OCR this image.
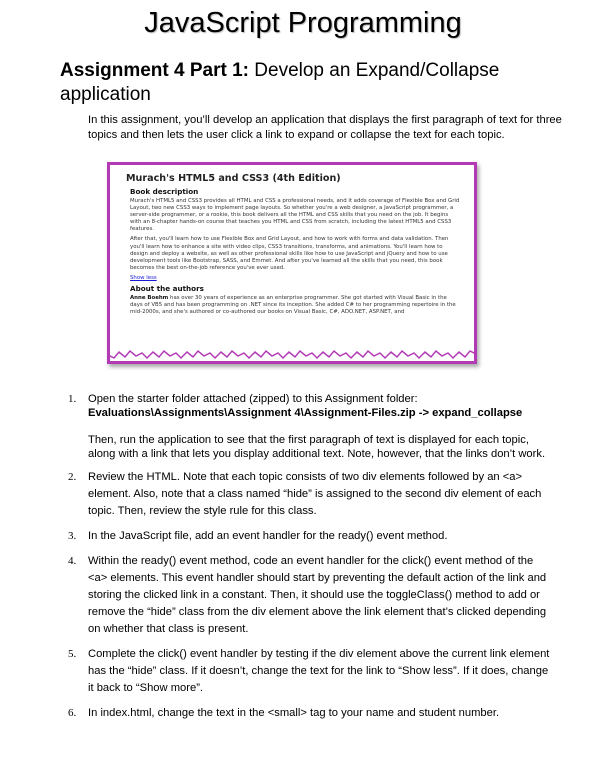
JavaScript Programming
Assignment 4 Part 1: Develop an Expand/Collapse application

In this assignment, you’ll develop an application that displays the first paragraph of text for three topics and then lets the user click a link to expand or collapse the text for each topic.

Murach's HTML5 and CSS3 (4th Edition)
Book description

Murach's HTML5 and CSS3 provides all HTML and CSS a professional needs, and it adds coverage of Flexible Box and Grid Layout, two new CSS3 ways to implement page layouts. So whether you're a web designer, a JavaScript programmer, a server-side programmer, or a rookie, this book delivers all the HTML and CSS skills that you need on the job. It begins with an 8-chapter hands-on course that teaches you HTML and CSS from scratch, including the latest HTML5 and CSS3 features.

After that, you'll learn how to use Flexible Box and Grid Layout, and how to work with forms and data validation. Then you'll learn how to enhance a site with video clips, CSS3 transitions, transforms, and animations. You'll learn how to design and deploy a website, as well as other professional skills like how to use JavaScript and jQuery and how to use development tools like Bootstrap, SASS, and Emmet. And after you've learned all the skills that you need, this book becomes the best on-the-job reference you've ever used.

Show less
About the authors

Anne Boehm has over 30 years of experience as an enterprise programmer. She got started with Visual Basic in the days of VB5 and has been programming on .NET since its inception. She added C# to her programming repertoire in the mid-2000s, and she's authored or co-authored our books on Visual Basic, C#, ADO.NET, ASP.NET, and

1. Open the starter folder attached (zipped) to this Assignment folder:

Evaluations\Assignments\Assignment 4\Assignment-Files.zip -> expand_collapse

Then, run the application to see that the first paragraph of text is displayed for each topic, along with a link that lets you display additional text. Note, however, that the links don’t work.

2. Review the HTML. Note that each topic consists of two div elements followed by an <a> element. Also, note that a class named “hide” is assigned to the second div element of each topic. Then, review the style rule for this class.

3. In the JavaScript file, add an event handler for the ready() event method.

4. Within the ready() event method, code an event handler for the click() event method of the <a> elements. This event handler should start by preventing the default action of the link and storing the clicked link in a constant. Then, it should use the toggleClass() method to add or remove the “hide” class from the div element above the link element that’s clicked depending on whether that class is present.

5. Complete the click() event handler by testing if the div element above the current link element has the “hide” class. If it doesn’t, change the text for the link to “Show less”. If it does, change it back to “Show more”.

6. In index.html, change the text in the <small> tag to your name and student number.
